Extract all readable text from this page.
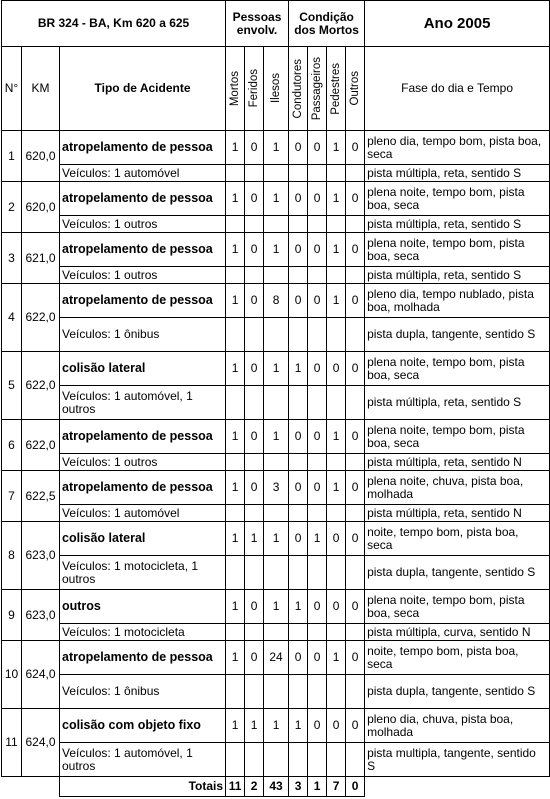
BR 324 - BA, Km 620 a 625			Pessoas envolv.			Condição dos Mortos				Ano 2005
N°	KM	Tipo de Acidente	Mortos	Feridos	Ilesos	Condutores	Passageiros	Pedestres	Outros	Fase do dia e Tempo
1	620,0	atropelamento de pessoa	1	0	1	0	0	1	0	pleno dia, tempo bom, pista boa, seca
		Veículos: 1 automóvel								pista múltipla, reta, sentido S
2	620,0	atropelamento de pessoa	1	0	1	0	0	1	0	plena noite, tempo bom, pista boa, seca
		Veículos: 1 outros								pista múltipla, reta, sentido S
3	621,0	atropelamento de pessoa	1	0	1	0	0	1	0	plena noite, tempo bom, pista boa, seca
		Veículos: 1 outros								pista múltipla, reta, sentido S
4	622,0	atropelamento de pessoa	1	0	8	0	0	1	0	pleno dia, tempo nublado, pista boa, molhada
		Veículos: 1 ônibus								pista dupla, tangente, sentido S
5	622,0	colisão lateral	1	0	1	1	0	0	0	plena noite, tempo bom, pista boa, seca
		Veículos: 1 automóvel, 1 outros								pista múltipla, reta, sentido S
6	622,0	atropelamento de pessoa	1	0	1	0	0	1	0	plena noite, tempo bom, pista boa, seca
		Veículos: 1 outros								pista múltipla, reta, sentido N
7	622,5	atropelamento de pessoa	1	0	3	0	0	1	0	plena noite, chuva, pista boa, molhada
		Veículos: 1 automóvel								pista múltipla, reta, sentido N
8	623,0	colisão lateral	1	1	1	0	1	0	0	noite, tempo bom, pista boa, seca
		Veículos: 1 motocicleta, 1 outros								pista dupla, tangente, sentido S
9	623,0	outros	1	0	1	1	0	0	0	plena noite, tempo bom, pista boa, seca
		Veículos: 1 motocicleta								pista múltipla, curva, sentido N
10	624,0	atropelamento de pessoa	1	0	24	0	0	1	0	noite, tempo bom, pista boa, seca
		Veículos: 1 ônibus								pista dupla, tangente, sentido S
11	624,0	colisão com objeto fixo	1	1	1	1	0	0	0	pleno dia, chuva, pista boa, molhada
		Veículos: 1 automóvel, 1 outros								pista multipla, tangente, sentido S
		Totais	11	2	43	3	1	7	0	
